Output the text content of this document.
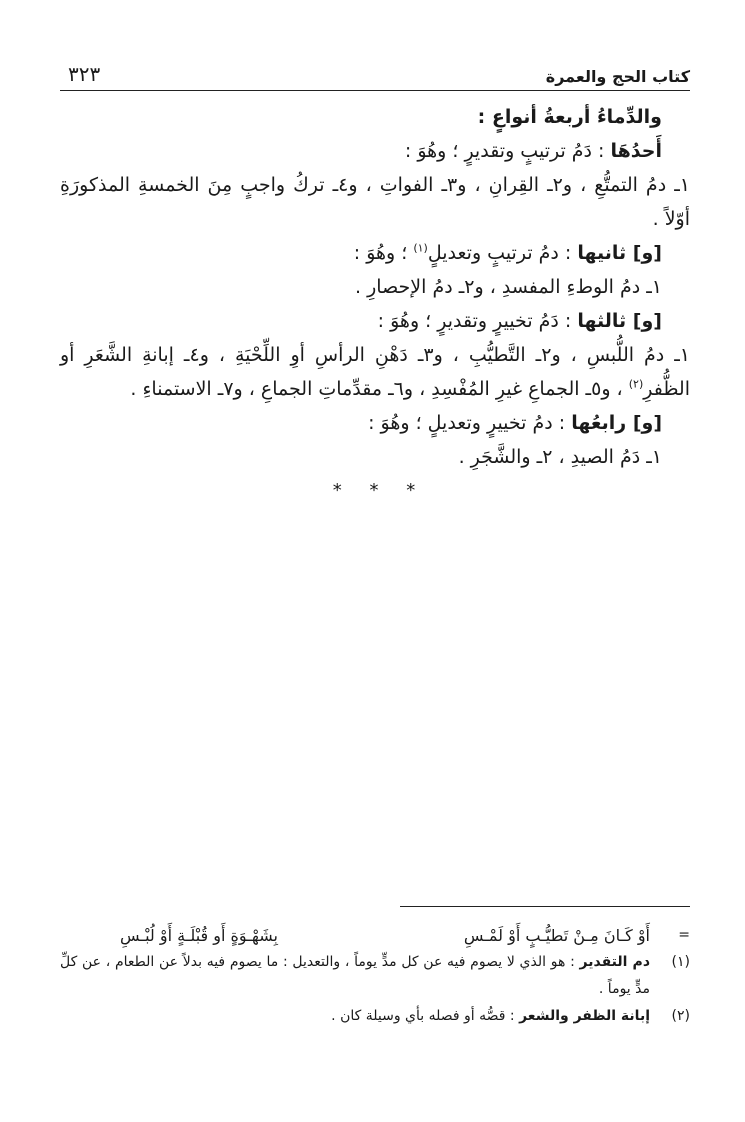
كتاب الحج والعمرة
٣٢٣

والدِّماءُ أربعةُ أنواعٍ :

أَحدُهَا : دَمُ ترتيبٍ وتقديرٍ ؛ وهُوَ :

١ـ دمُ التمتُّعِ ، و٢ـ القِرانِ ، و٣ـ الفواتِ ، و٤ـ تركُ واجبٍ مِنَ الخمسةِ المذكورَةِ أوّلاً .

[و] ثانيها : دمُ ترتيبٍ وتعديلٍ$^{(١)}$ ؛ وهُوَ :

١ـ دمُ الوطءِ المفسدِ ، و٢ـ دمُ الإحصارِ .

[و] ثالثها : دَمُ تخييرٍ وتقديرٍ ؛ وهُوَ :

١ـ دمُ اللُّبسِ ، و٢ـ التَّطيُّبِ ، و٣ـ دَهْنِ الرأسِ أوِ اللِّحْيَةِ ، و٤ـ إبانةِ الشَّعَرِ أو الظُّفرِ$^{(٢)}$ ، و٥ـ الجماعِ غيرِ المُفْسِدِ ، و٦ـ مقدِّماتِ الجماعِ ، و٧ـ الاستمناءِ .

[و] رابعُها : دمُ تخييرٍ وتعديلٍ ؛ وهُوَ :

١ـ دَمُ الصيدِ ، ٢ـ والشَّجَرِ .

* * *

=
أَوْ كَـانَ مِـنْ تَطيُّـبٍ أَوْ لَمْـسِ
بِشَهْـوَةٍ أَو قُبْلَـةٍ أَوْ لُبْـسِ
(١)
دم التقدير : هو الذي لا يصوم فيه عن كل مدٍّ يوماً ، والتعديل : ما يصوم فيه بدلاً عن الطعام ، عن كلِّ مدٍّ يوماً .
(٢)
إبانة الظفر والشعر : قصُّه أو فصله بأي وسيلة كان .
